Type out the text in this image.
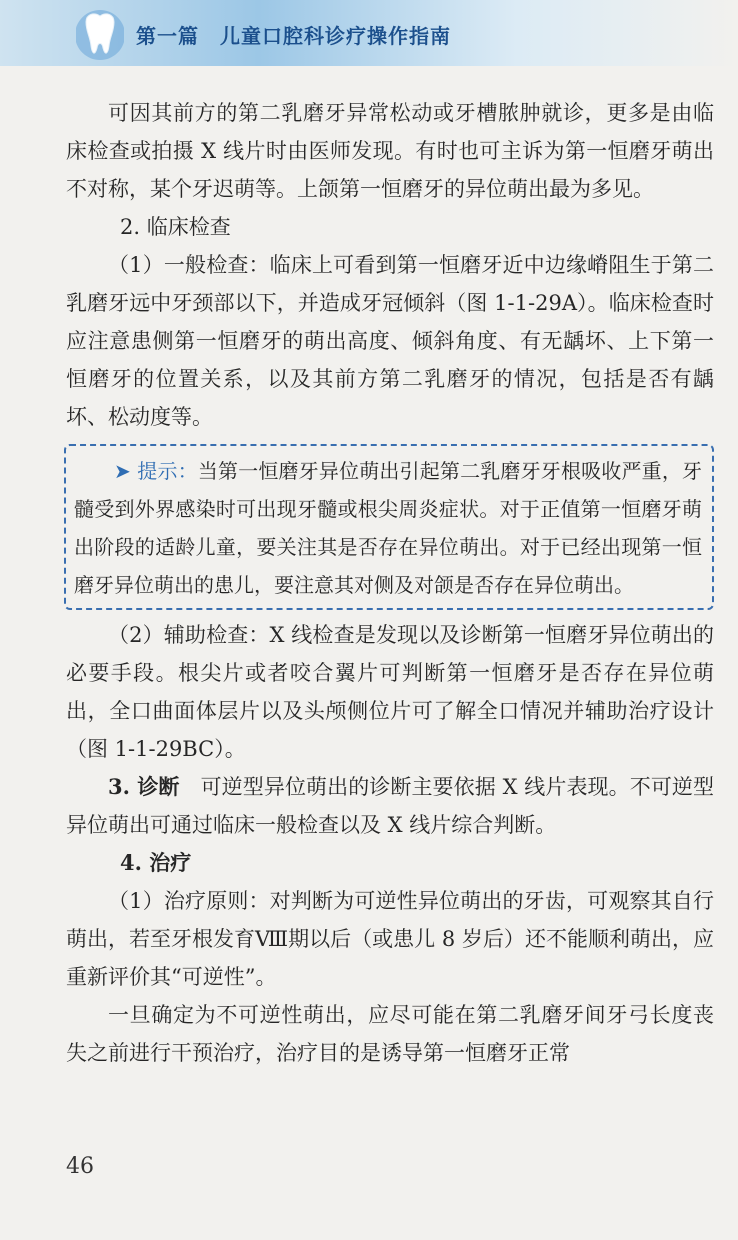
第一篇　儿童口腔科诊疗操作指南

可因其前方的第二乳磨牙异常松动或牙槽脓肿就诊，更多是由临床检查或拍摄 X 线片时由医师发现。有时也可主诉为第一恒磨牙萌出不对称，某个牙迟萌等。上颌第一恒磨牙的异位萌出最为多见。

2. 临床检查

（1）一般检查：临床上可看到第一恒磨牙近中边缘嵴阻生于第二乳磨牙远中牙颈部以下，并造成牙冠倾斜（图 1-1-29A）。临床检查时应注意患侧第一恒磨牙的萌出高度、倾斜角度、有无龋坏、上下第一恒磨牙的位置关系，以及其前方第二乳磨牙的情况，包括是否有龋坏、松动度等。

➤ 提示：当第一恒磨牙异位萌出引起第二乳磨牙牙根吸收严重，牙髓受到外界感染时可出现牙髓或根尖周炎症状。对于正值第一恒磨牙萌出阶段的适龄儿童，要关注其是否存在异位萌出。对于已经出现第一恒磨牙异位萌出的患儿，要注意其对侧及对颌是否存在异位萌出。

（2）辅助检查：X 线检查是发现以及诊断第一恒磨牙异位萌出的必要手段。根尖片或者咬合翼片可判断第一恒磨牙是否存在异位萌出，全口曲面体层片以及头颅侧位片可了解全口情况并辅助治疗设计（图 1-1-29BC）。

3. 诊断　可逆型异位萌出的诊断主要依据 X 线片表现。不可逆型异位萌出可通过临床一般检查以及 X 线片综合判断。

4. 治疗

（1）治疗原则：对判断为可逆性异位萌出的牙齿，可观察其自行萌出，若至牙根发育Ⅷ期以后（或患儿 8 岁后）还不能顺利萌出，应重新评价其“可逆性”。

一旦确定为不可逆性萌出，应尽可能在第二乳磨牙间牙弓长度丧失之前进行干预治疗，治疗目的是诱导第一恒磨牙正常

46
